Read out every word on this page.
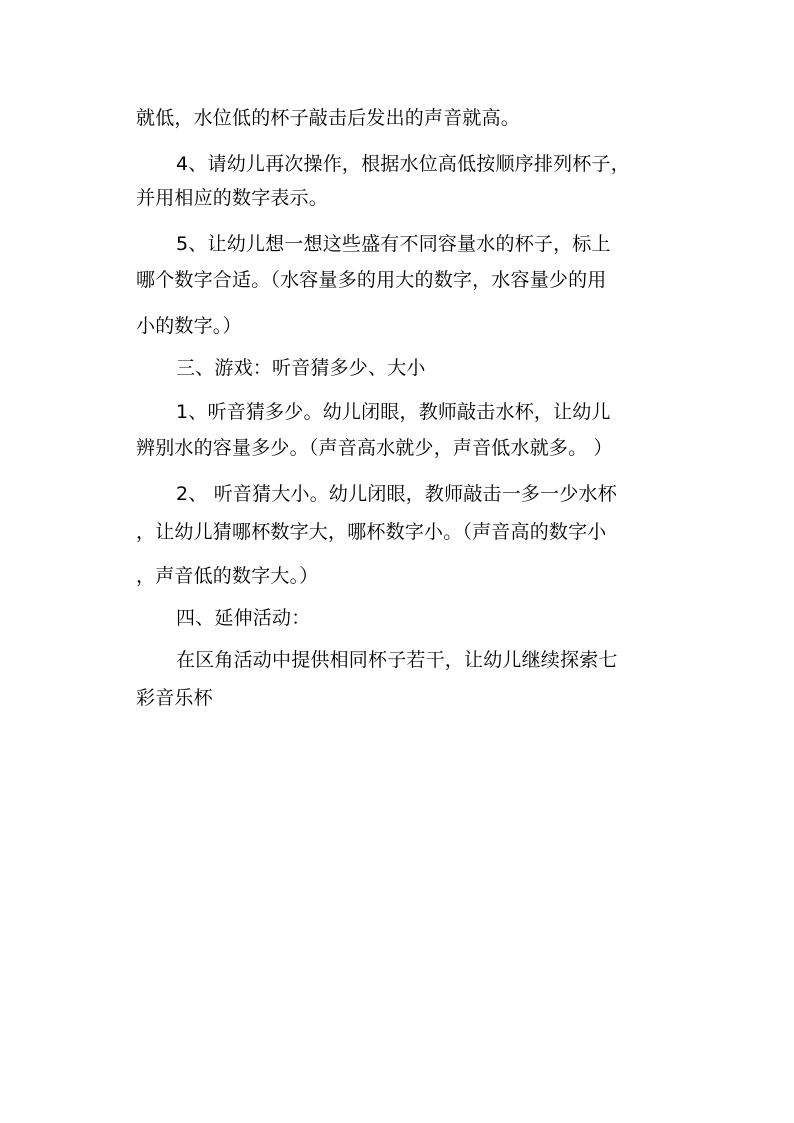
就低，水位低的杯子敲击后发出的声音就高。
4、请幼儿再次操作，根据水位高低按顺序排列杯子，
并用相应的数字表示。
5、让幼儿想一想这些盛有不同容量水的杯子，标上
哪个数字合适。（水容量多的用大的数字，水容量少的用
小的数字。）
三、游戏：听音猜多少、大小
1、听音猜多少。幼儿闭眼，教师敲击水杯，让幼儿
辨别水的容量多少。（声音高水就少，声音低水就多。 ）
2、 听音猜大小。幼儿闭眼，教师敲击一多一少水杯
，让幼儿猜哪杯数字大，哪杯数字小。（声音高的数字小
，声音低的数字大。）
四、延伸活动：
在区角活动中提供相同杯子若干，让幼儿继续探索七
彩音乐杯
